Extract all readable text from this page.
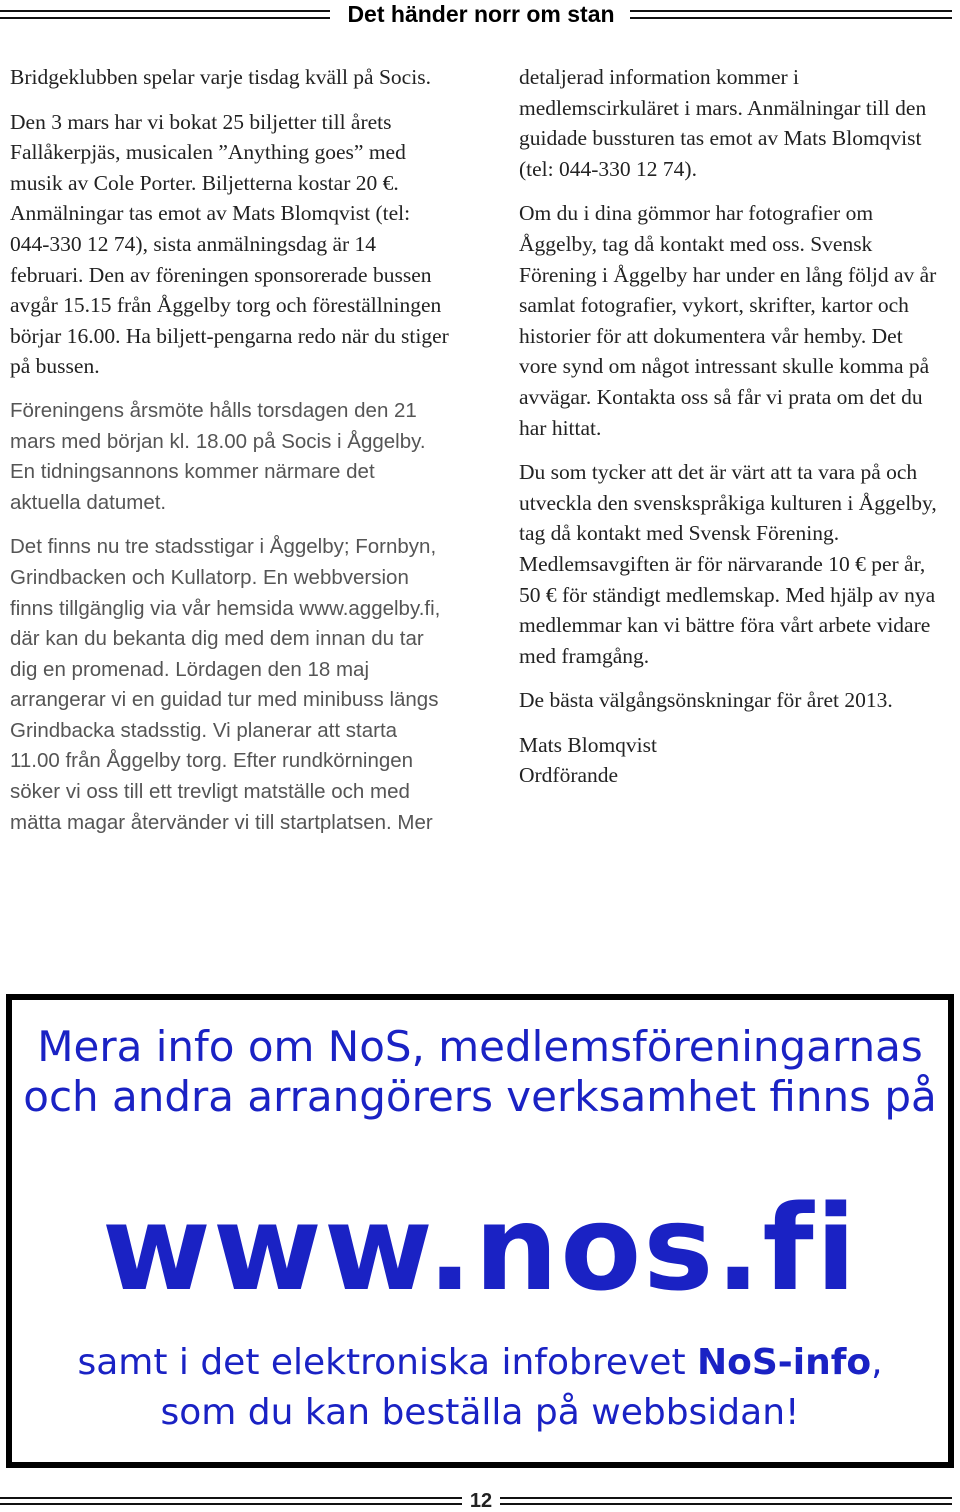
Det händer norr om stan

Bridgeklubben spelar varje tisdag kväll på Socis.

Den 3 mars har vi bokat 25 biljetter till årets Fallåkerpjäs, musicalen ”Anything goes” med musik av Cole Porter. Biljetterna kostar 20 €. Anmälningar tas emot av Mats Blomqvist (tel: 044-330 12 74), sista anmälningsdag är 14 februari. Den av föreningen sponsorerade bussen avgår 15.15 från Åggelby torg och föreställningen börjar 16.00. Ha biljett-pengarna redo när du stiger på bussen.

Föreningens årsmöte hålls torsdagen den 21 mars med början kl. 18.00 på Socis i Åggelby. En tidningsannons kommer närmare det aktuella datumet.

Det finns nu tre stadsstigar i Åggelby; Fornbyn, Grindbacken och Kullatorp. En webbversion finns tillgänglig via vår hemsida www.aggelby.fi, där kan du bekanta dig med dem innan du tar dig en promenad. Lördagen den 18 maj arrangerar vi en guidad tur med minibuss längs Grindbacka stadsstig. Vi planerar att starta 11.00 från Åggelby torg. Efter rundkörningen söker vi oss till ett trevligt matställe och med mätta magar återvänder vi till startplatsen. Mer

detaljerad information kommer i medlemscirkuläret i mars. Anmälningar till den guidade bussturen tas emot av Mats Blomqvist (tel: 044-330 12 74).

Om du i dina gömmor har fotografier om Åggelby, tag då kontakt med oss. Svensk Förening i Åggelby har under en lång följd av år samlat fotografier, vykort, skrifter, kartor och historier för att dokumentera vår hemby. Det vore synd om något intressant skulle komma på avvägar. Kontakta oss så får vi prata om det du har hittat.

Du som tycker att det är värt att ta vara på och utveckla den svenskspråkiga kulturen i Åggelby, tag då kontakt med Svensk Förening. Medlemsavgiften är för närvarande 10 € per år, 50 € för ständigt medlemskap. Med hjälp av nya medlemmar kan vi bättre föra vårt arbete vidare med framgång.

De bästa välgångsönskningar för året 2013.

Mats Blomqvist
Ordförande

Mera info om NoS, medlemsföreningarnas
och andra arrangörers verksamhet finns på
www.nos.fi
samt i det elektroniska infobrevet NoS-info,
som du kan beställa på webbsidan!
12
